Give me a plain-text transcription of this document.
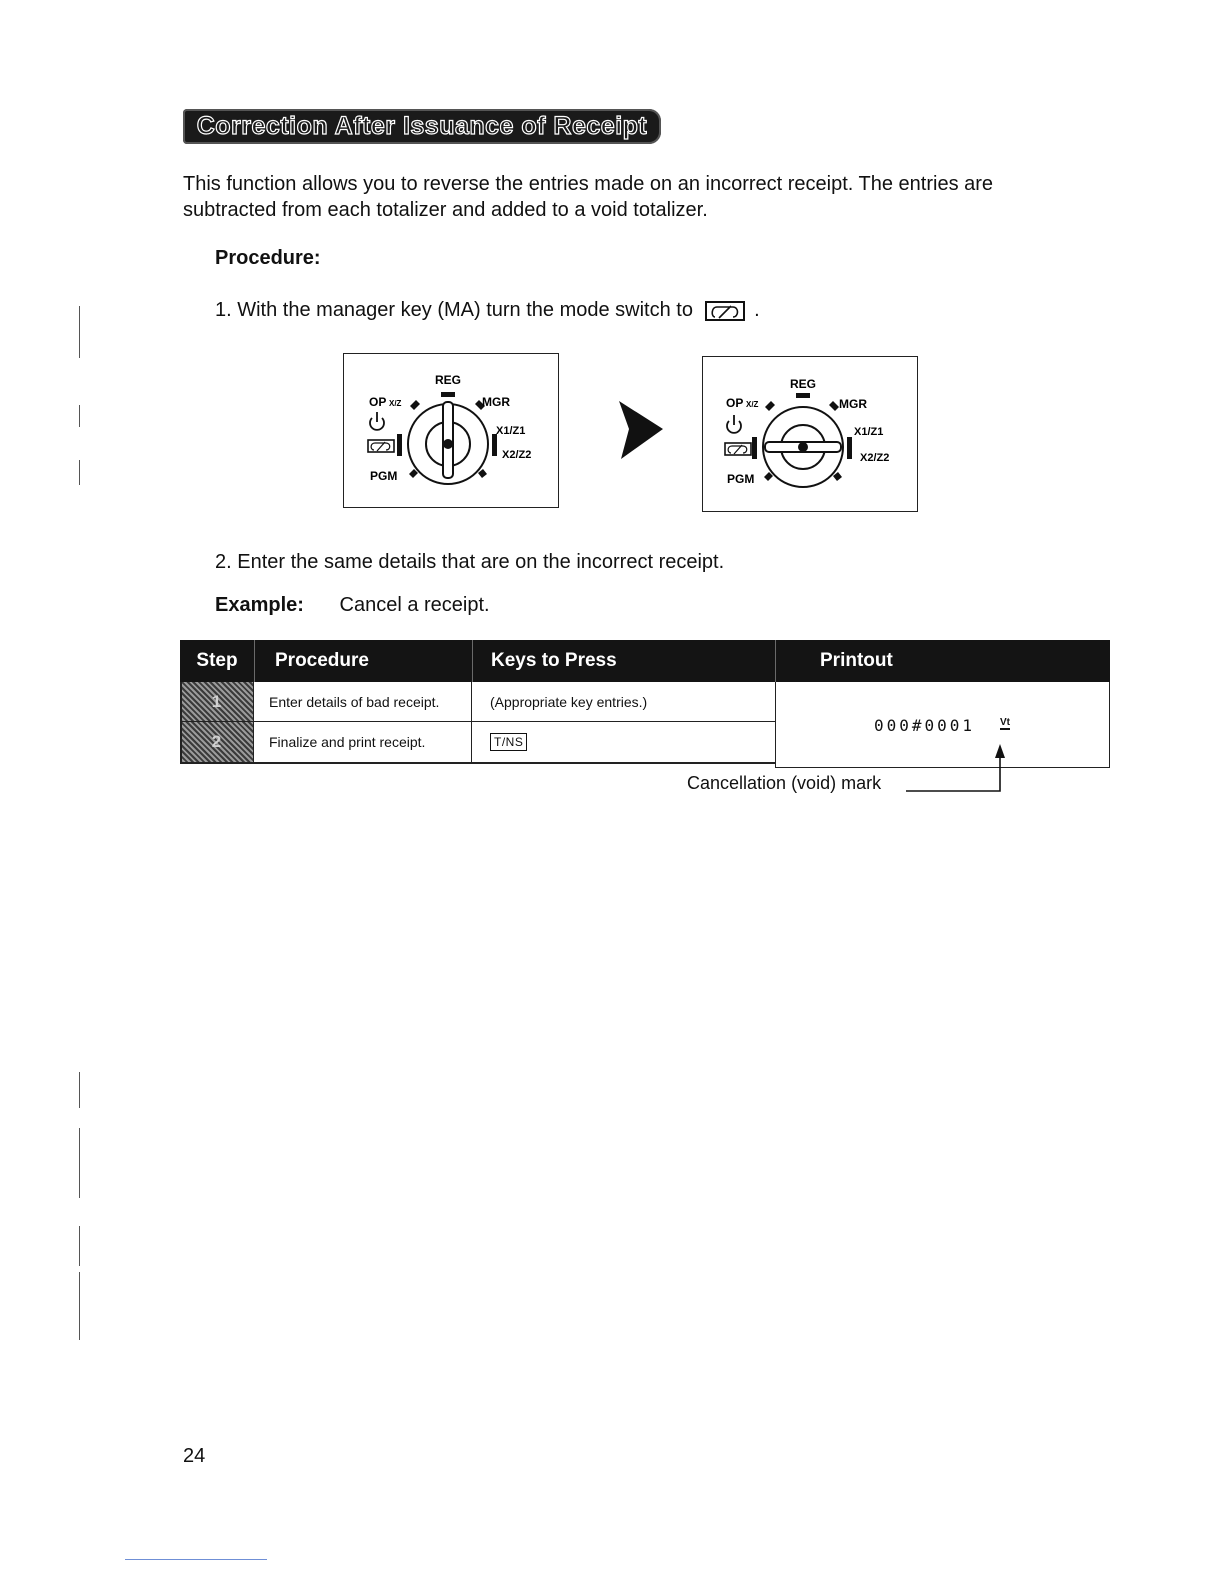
Correction After Issuance of Receipt
This function allows you to reverse the entries made on an incorrect receipt. The entries are subtracted from each totalizer and added to a void totalizer.
Procedure:
1. With the manager key (MA) turn the mode switch to	.
REG
OP X/Z	MGR
X1/Z1
X2/Z2
PGM
REG
OP X/Z	MGR
X1/Z1
X2/Z2
PGM
2. Enter the same details that are on the incorrect receipt.
Example: Cancel a receipt.
Step	Procedure	Keys to Press	Printout
1	Enter details of bad receipt.	(Appropriate key entries.)
2	Finalize and print receipt.	T/NS
000#0001 Vt
Cancellation (void) mark
24
